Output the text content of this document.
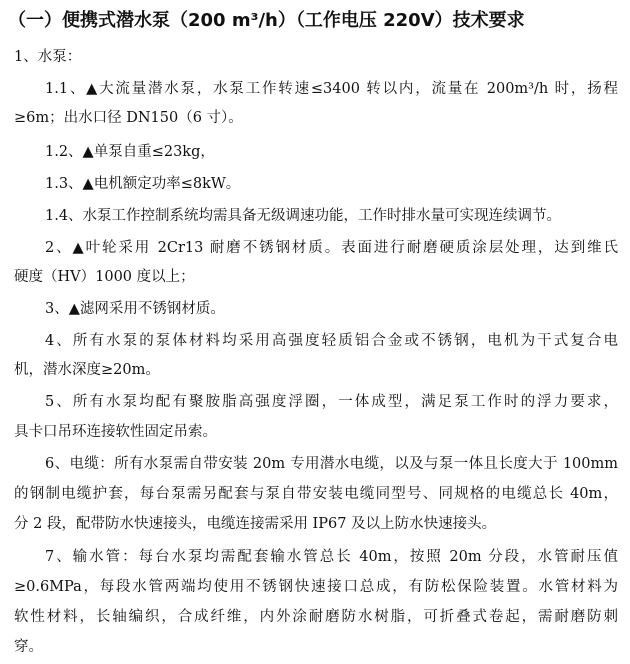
（一）便携式潜水泵（200 m³/h）（工作电压 220V）技术要求
1、水泵：
1.1、▲大流量潜水泵，水泵工作转速≤3400 转以内，流量在 200m³/h 时，扬程
≥6m；出水口径 DN150（6 寸）。
1.2、▲单泵自重≤23kg，
1.3、▲电机额定功率≤8kW。
1.4、水泵工作控制系统均需具备无级调速功能，工作时排水量可实现连续调节。
2、▲叶轮采用 2Cr13 耐磨不锈钢材质。表面进行耐磨硬质涂层处理，达到维氏
硬度（HV）1000 度以上；
3、▲滤网采用不锈钢材质。
4、所有水泵的泵体材料均采用高强度轻质铝合金或不锈钢，电机为干式复合电
机，潜水深度≥20m。
5、所有水泵均配有聚胺脂高强度浮圈，一体成型，满足泵工作时的浮力要求，
具卡口吊环连接软性固定吊索。
6、电缆：所有水泵需自带安装 20m 专用潜水电缆，以及与泵一体且长度大于 100mm
的钢制电缆护套，每台泵需另配套与泵自带安装电缆同型号、同规格的电缆总长 40m，
分 2 段，配带防水快速接头，电缆连接需采用 IP67 及以上防水快速接头。
7、输水管：每台水泵均需配套输水管总长 40m，按照 20m 分段，水管耐压值
≥0.6MPa，每段水管两端均使用不锈钢快速接口总成，有防松保险装置。水管材料为
软性材料，长轴编织，合成纤维，内外涂耐磨防水树脂，可折叠式卷起，需耐磨防刺
穿。
